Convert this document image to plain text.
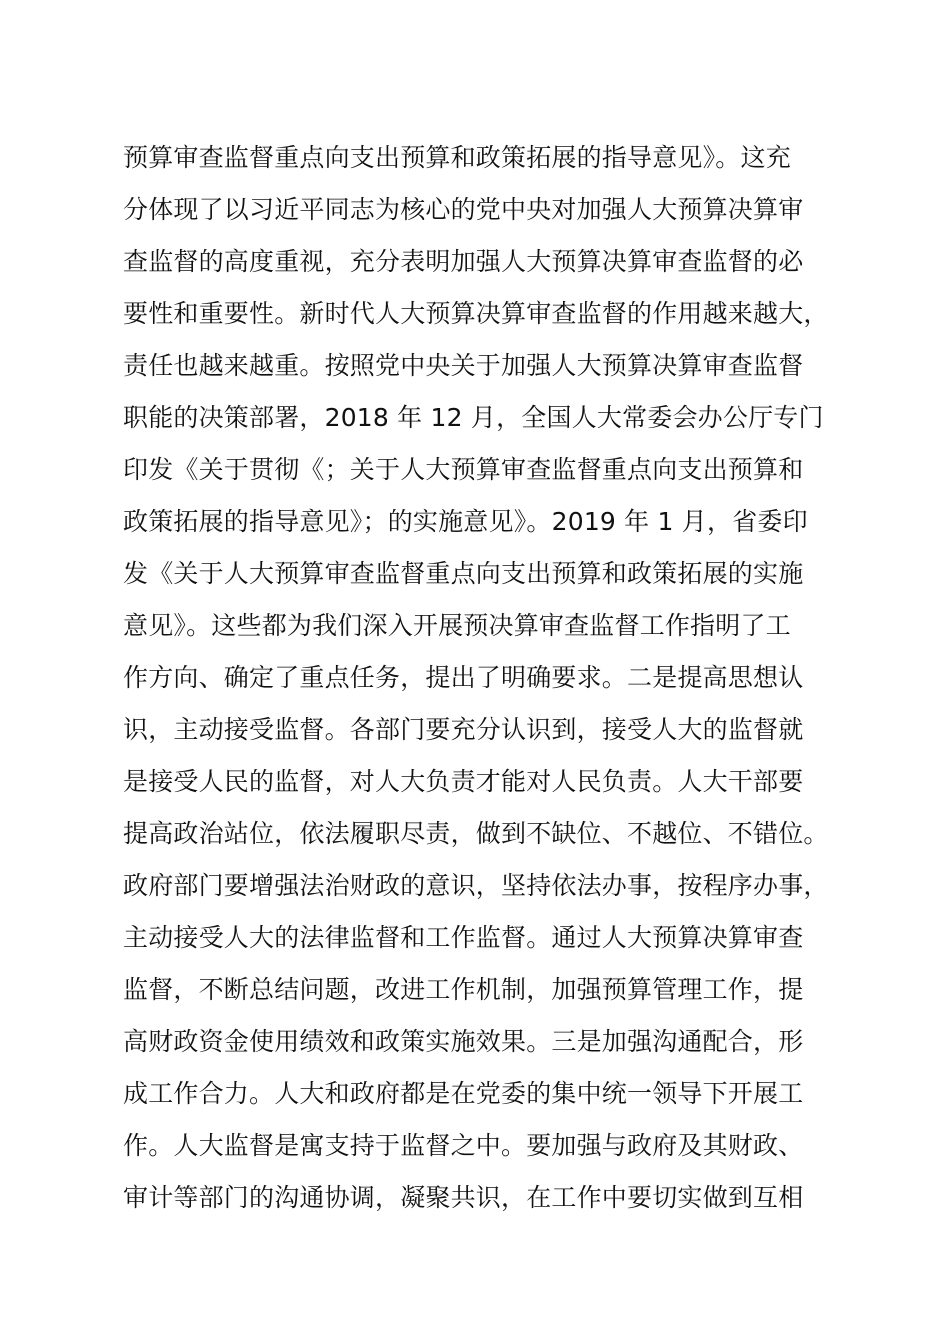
预算审查监督重点向支出预算和政策拓展的指导意见》。这充
分体现了以习近平同志为核心的党中央对加强人大预算决算审
查监督的高度重视，充分表明加强人大预算决算审查监督的必
要性和重要性。新时代人大预算决算审查监督的作用越来越大，
责任也越来越重。按照党中央关于加强人大预算决算审查监督
职能的决策部署，2018 年 12 月，全国人大常委会办公厅专门
印发《关于贯彻《；关于人大预算审查监督重点向支出预算和
政策拓展的指导意见》；的实施意见》。2019 年 1 月，省委印
发《关于人大预算审查监督重点向支出预算和政策拓展的实施
意见》。这些都为我们深入开展预决算审查监督工作指明了工
作方向、确定了重点任务，提出了明确要求。二是提高思想认
识，主动接受监督。各部门要充分认识到，接受人大的监督就
是接受人民的监督，对人大负责才能对人民负责。人大干部要
提高政治站位，依法履职尽责，做到不缺位、不越位、不错位。
政府部门要增强法治财政的意识，坚持依法办事，按程序办事，
主动接受人大的法律监督和工作监督。通过人大预算决算审查
监督，不断总结问题，改进工作机制，加强预算管理工作，提
高财政资金使用绩效和政策实施效果。三是加强沟通配合，形
成工作合力。人大和政府都是在党委的集中统一领导下开展工
作。人大监督是寓支持于监督之中。要加强与政府及其财政、
审计等部门的沟通协调，凝聚共识，在工作中要切实做到互相
